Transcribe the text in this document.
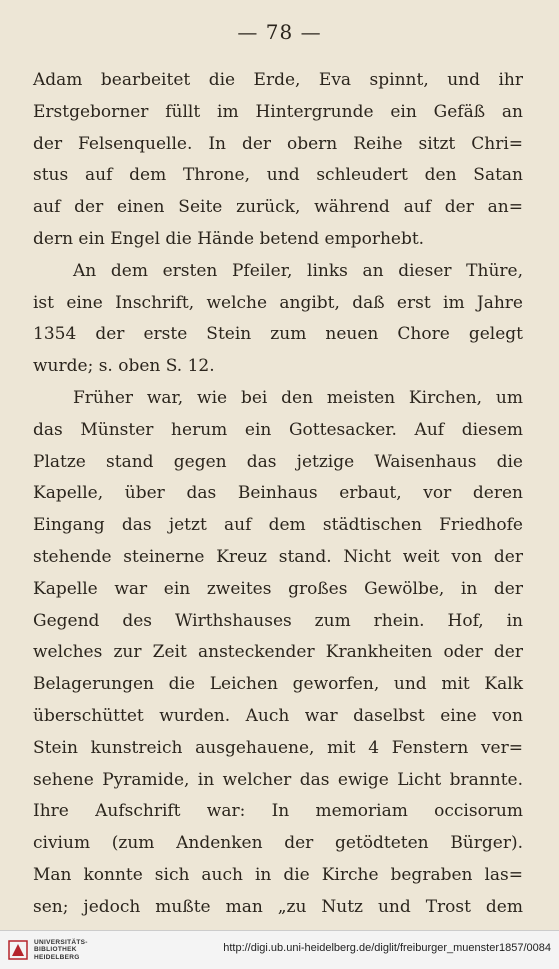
— 78 —
Adam bearbeitet die Erde, Eva spinnt, und ihr
Erstgeborner füllt im Hintergrunde ein Gefäß an
der Felsenquelle. In der obern Reihe sitzt Chri=
stus auf dem Throne, und schleudert den Satan
auf der einen Seite zurück, während auf der an=
dern ein Engel die Hände betend emporhebt.
An dem ersten Pfeiler, links an dieser Thüre,
ist eine Inschrift, welche angibt, daß erst im Jahre
1354 der erste Stein zum neuen Chore gelegt
wurde; s. oben S. 12.
Früher war, wie bei den meisten Kirchen, um
das Münster herum ein Gottesacker. Auf diesem
Platze stand gegen das jetzige Waisenhaus die
Kapelle, über das Beinhaus erbaut, vor deren
Eingang das jetzt auf dem städtischen Friedhofe
stehende steinerne Kreuz stand. Nicht weit von der
Kapelle war ein zweites großes Gewölbe, in der
Gegend des Wirthshauses zum rhein. Hof, in
welches zur Zeit ansteckender Krankheiten oder der
Belagerungen die Leichen geworfen, und mit Kalk
überschüttet wurden. Auch war daselbst eine von
Stein kunstreich ausgehauene, mit 4 Fenstern ver=
sehene Pyramide, in welcher das ewige Licht brannte.
Ihre Aufschrift war: In memoriam occisorum
civium (zum Andenken der getödteten Bürger).
Man konnte sich auch in die Kirche begraben las=
sen; jedoch mußte man „zu Nutz und Trost dem
UNIVERSITÄTS-
BIBLIOTHEK
HEIDELBERG
http://digi.ub.uni-heidelberg.de/diglit/freiburger_muenster1857/0084
